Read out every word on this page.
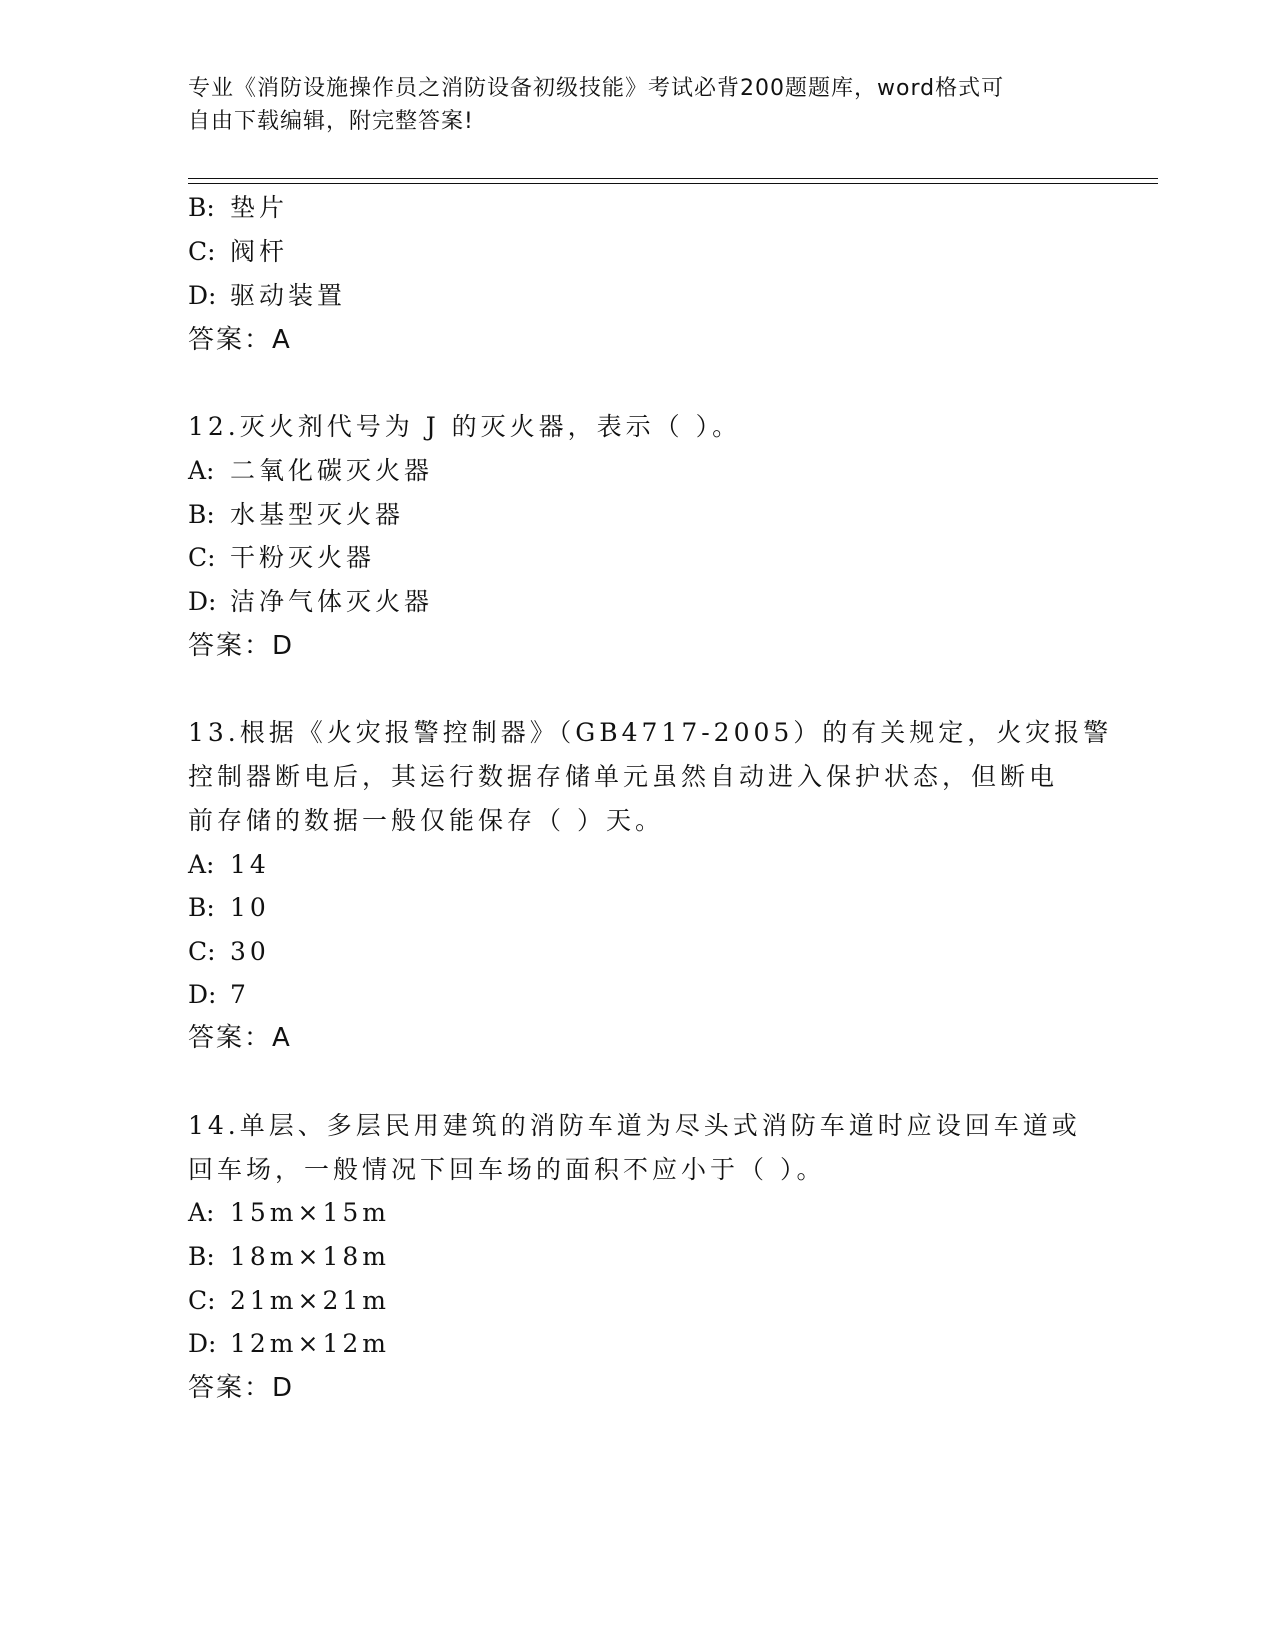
专业《消防设施操作员之消防设备初级技能》考试必背200题题库，word格式可
自由下载编辑，附完整答案!
B: 垫片
C: 阀杆
D: 驱动装置
答案：A
12.灭火剂代号为 J 的灭火器，表示（ ）。
A: 二氧化碳灭火器
B: 水基型灭火器
C: 干粉灭火器
D: 洁净气体灭火器
答案：D
13.根据《火灾报警控制器》（GB4717-2005）的有关规定，火灾报警
控制器断电后，其运行数据存储单元虽然自动进入保护状态，但断电
前存储的数据一般仅能保存（ ）天。
A: 14
B: 10
C: 30
D: 7
答案：A
14.单层、多层民用建筑的消防车道为尽头式消防车道时应设回车道或
回车场，一般情况下回车场的面积不应小于（ ）。
A: 15m×15m
B: 18m×18m
C: 21m×21m
D: 12m×12m
答案：D
